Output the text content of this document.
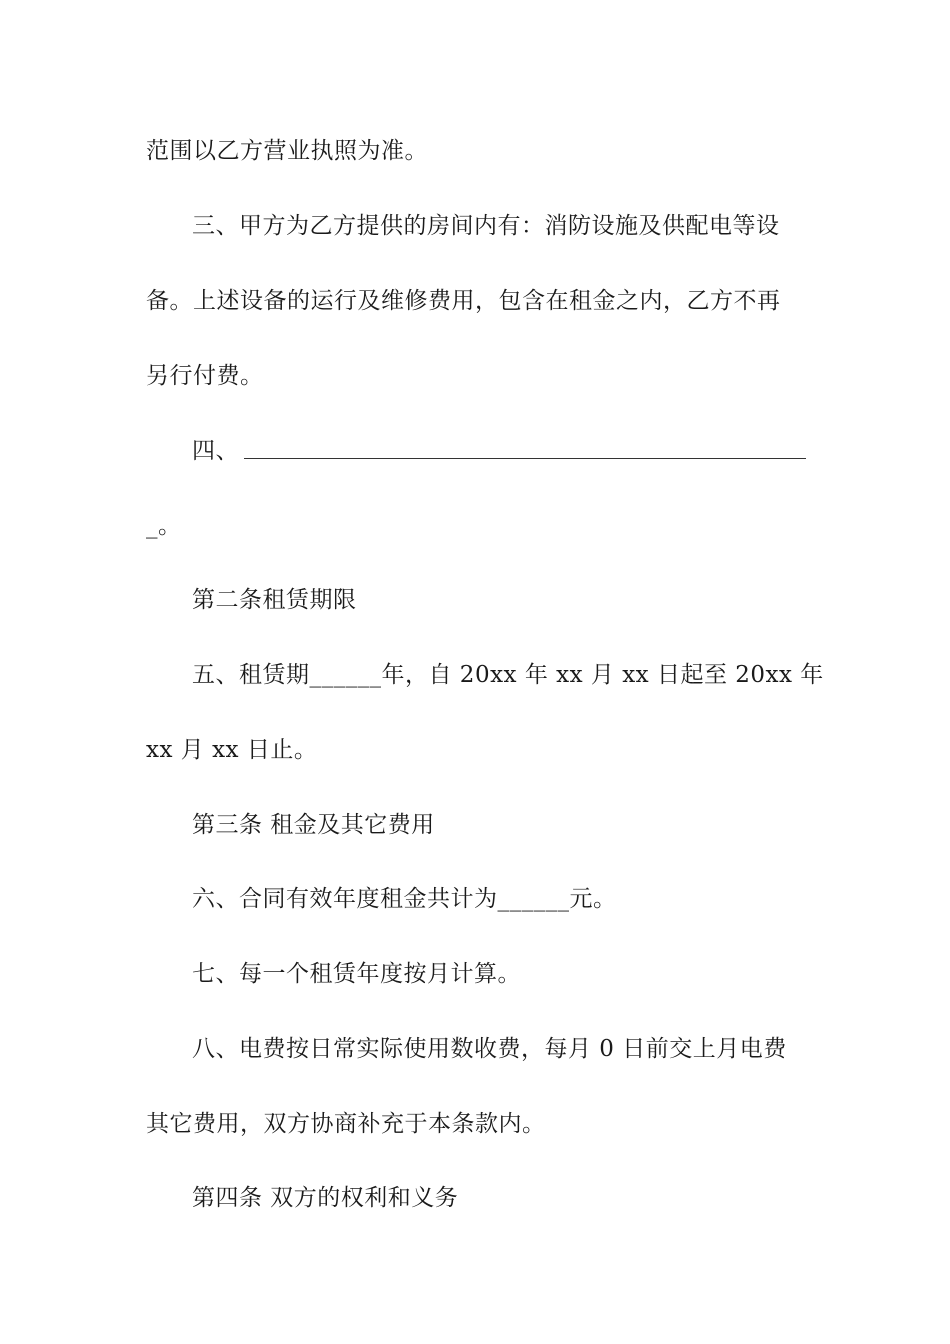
范围以乙方营业执照为准。
三、甲方为乙方提供的房间内有：消防设施及供配电等设
备。上述设备的运行及维修费用，包含在租金之内，乙方不再
另行付费。
四、
_。
第二条租赁期限
五、租赁期______年，自 20xx 年 xx 月 xx 日起至 20xx 年
xx 月 xx 日止。
第三条 租金及其它费用
六、合同有效年度租金共计为______元。
七、每一个租赁年度按月计算。
八、电费按日常实际使用数收费，每月 0 日前交上月电费
其它费用，双方协商补充于本条款内。
第四条 双方的权利和义务
